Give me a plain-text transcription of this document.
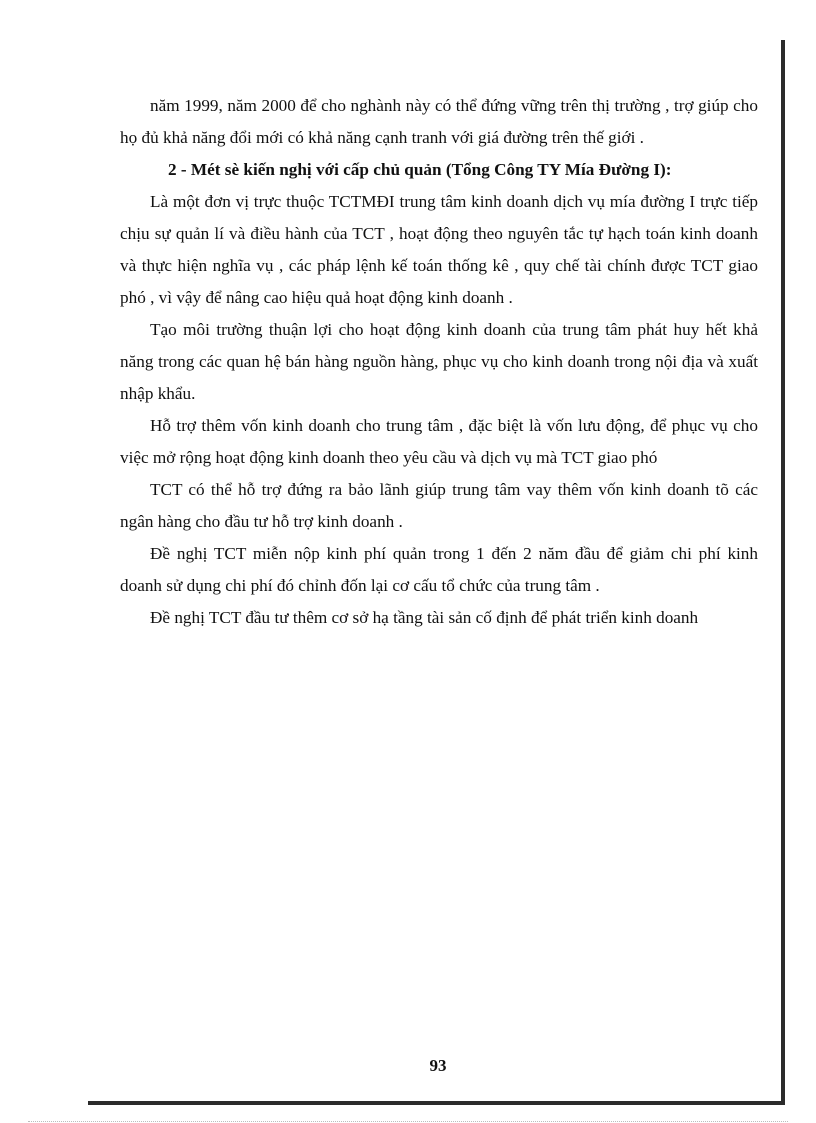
năm 1999, năm 2000 để cho nghành này có thể đứng vững trên thị trường , trợ giúp cho họ đủ khả năng đổi mới có khả năng cạnh tranh với giá đường trên thế giới .

2 - Mét sè kiến nghị với cấp chủ quản (Tổng Công TY Mía Đường I):

Là một đơn vị trực thuộc TCTMĐI trung tâm kinh doanh dịch vụ mía đường I trực tiếp chịu sự quản lí và điều hành của TCT , hoạt động theo nguyên tắc tự hạch toán kinh doanh và thực hiện nghĩa vụ , các pháp lệnh kế toán thống kê , quy chế tài chính được TCT giao phó , vì vậy để nâng cao hiệu quả hoạt động kinh doanh .

Tạo môi trường thuận lợi cho hoạt động kinh doanh của trung tâm phát huy hết khả năng trong các quan hệ bán hàng nguồn hàng, phục vụ cho kinh doanh trong nội địa và xuất nhập khẩu.

Hỗ trợ thêm vốn kinh doanh cho trung tâm , đặc biệt là vốn lưu động, để phục vụ cho việc mở rộng hoạt động kinh doanh theo yêu cầu và dịch vụ mà TCT giao phó

TCT có thể hỗ trợ đứng ra bảo lãnh giúp trung tâm vay thêm vốn kinh doanh tõ các ngân hàng cho đầu tư hỗ trợ kinh doanh .

Đề nghị TCT miễn nộp kinh phí quản trong 1 đến 2 năm đầu để giảm chi phí kinh doanh sử dụng chi phí đó chỉnh đốn lại cơ cấu tổ chức của trung tâm .

Đề nghị TCT đầu tư thêm cơ sở hạ tầng tài sản cố định để phát triển kinh doanh

93
